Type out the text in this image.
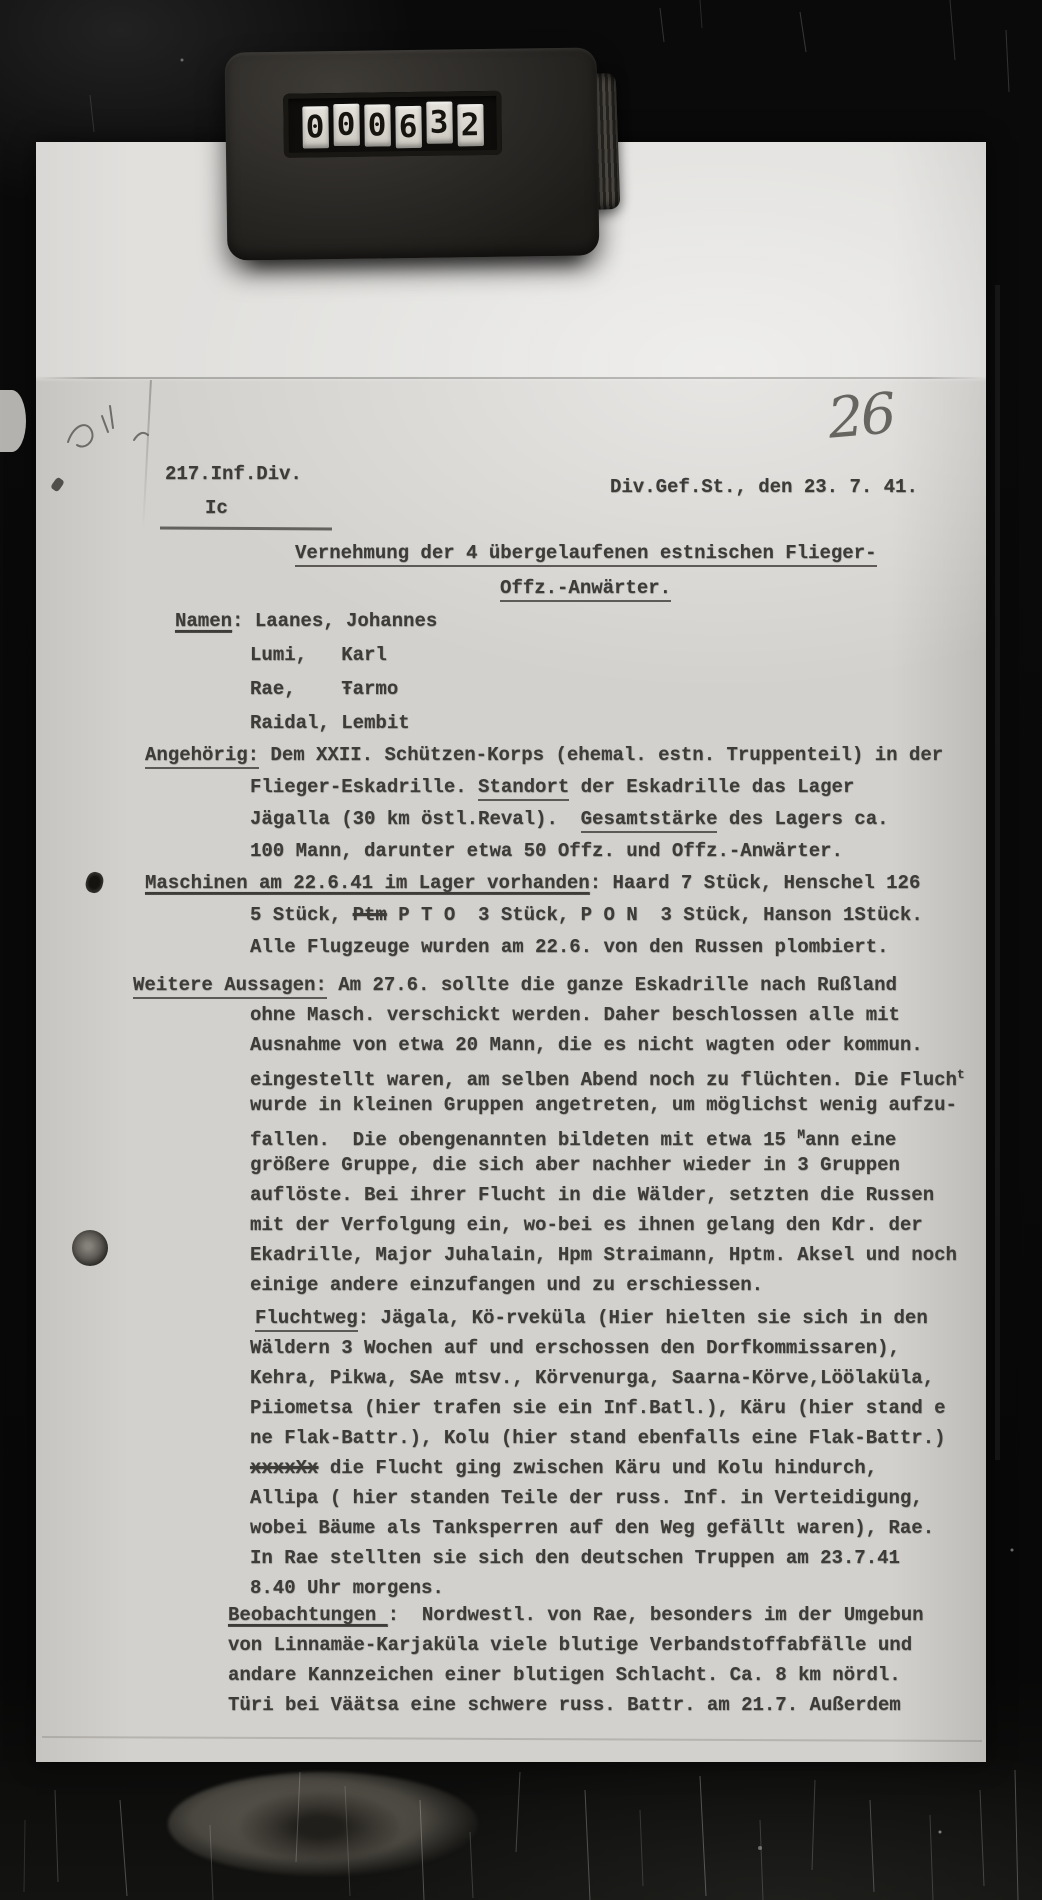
217.Inf.Div.
Div.Gef.St., den 23. 7. 41.
Ic
Vernehmung der 4 übergelaufenen estnischen Flieger-
Offz.-Anwärter.
Namen: Laanes, Johannes
Lumi,   Karl
Rae,    Ŧarmo
Raidal, Lembit
Angehörig: Dem XXII. Schützen-Korps (ehemal. estn. Truppenteil) in der
Flieger-Eskadrille. Standort der Eskadrille das Lager
Jägalla (30 km östl.Reval).  Gesamtstärke des Lagers ca.
100 Mann, darunter etwa 50 Offz. und Offz.-Anwärter.
Maschinen am 22.6.41 im Lager vorhanden: Haard 7 Stück, Henschel 126
5 Stück, Ptm P T O  3 Stück, P O N  3 Stück, Hanson 1Stück.
Alle Flugzeuge wurden am 22.6. von den Russen plombiert.
Weitere Aussagen: Am 27.6. sollte die ganze Eskadrille nach Rußland
ohne Masch. verschickt werden. Daher beschlossen alle mit
Ausnahme von etwa 20 Mann, die es nicht wagten oder kommun.
eingestellt waren, am selben Abend noch zu flüchten. Die Fluch$^t$
wurde in kleinen Gruppen angetreten, um möglichst wenig aufzu-
fallen.  Die obengenannten bildeten mit etwa 15 $^M$ann eine
größere Gruppe, die sich aber nachher wieder in 3 Gruppen
auflöste. Bei ihrer Flucht in die Wälder, setzten die Russen
mit der Verfolgung ein, wo-bei es ihnen gelang den Kdr. der
Ekadrille, Major Juhalain, Hpm Straimann, Hptm. Aksel und noch
einige andere einzufangen und zu erschiessen.
Fluchtweg: Jägala, Kö-rveküla (Hier hielten sie sich in den
Wäldern 3 Wochen auf und erschossen den Dorfkommissaren),
Kehra, Pikwa, SAe mtsv., Körvenurga, Saarna-Körve,Löölaküla,
Piiometsa (hier trafen sie ein Inf.Batl.), Käru (hier stand e
ne Flak-Battr.), Kolu (hier stand ebenfalls eine Flak-Battr.)
xxxxXx die Flucht ging zwischen Käru und Kolu hindurch,
Allipa ( hier standen Teile der russ. Inf. in Verteidigung,
wobei Bäume als Tanksperren auf den Weg gefällt waren), Rae.
In Rae stellten sie sich den deutschen Truppen am 23.7.41
8.40 Uhr morgens.
Beobachtungen :  Nordwestl. von Rae, besonders im der Umgebun
von Linnamäe-Karjaküla viele blutige Verbandstoffabfälle und
andare Kannzeichen einer blutigen Schlacht. Ca. 8 km nördl.
Türi bei Väätsa eine schwere russ. Battr. am 21.7. Außerdem
26
0 0 0 6 3 2
